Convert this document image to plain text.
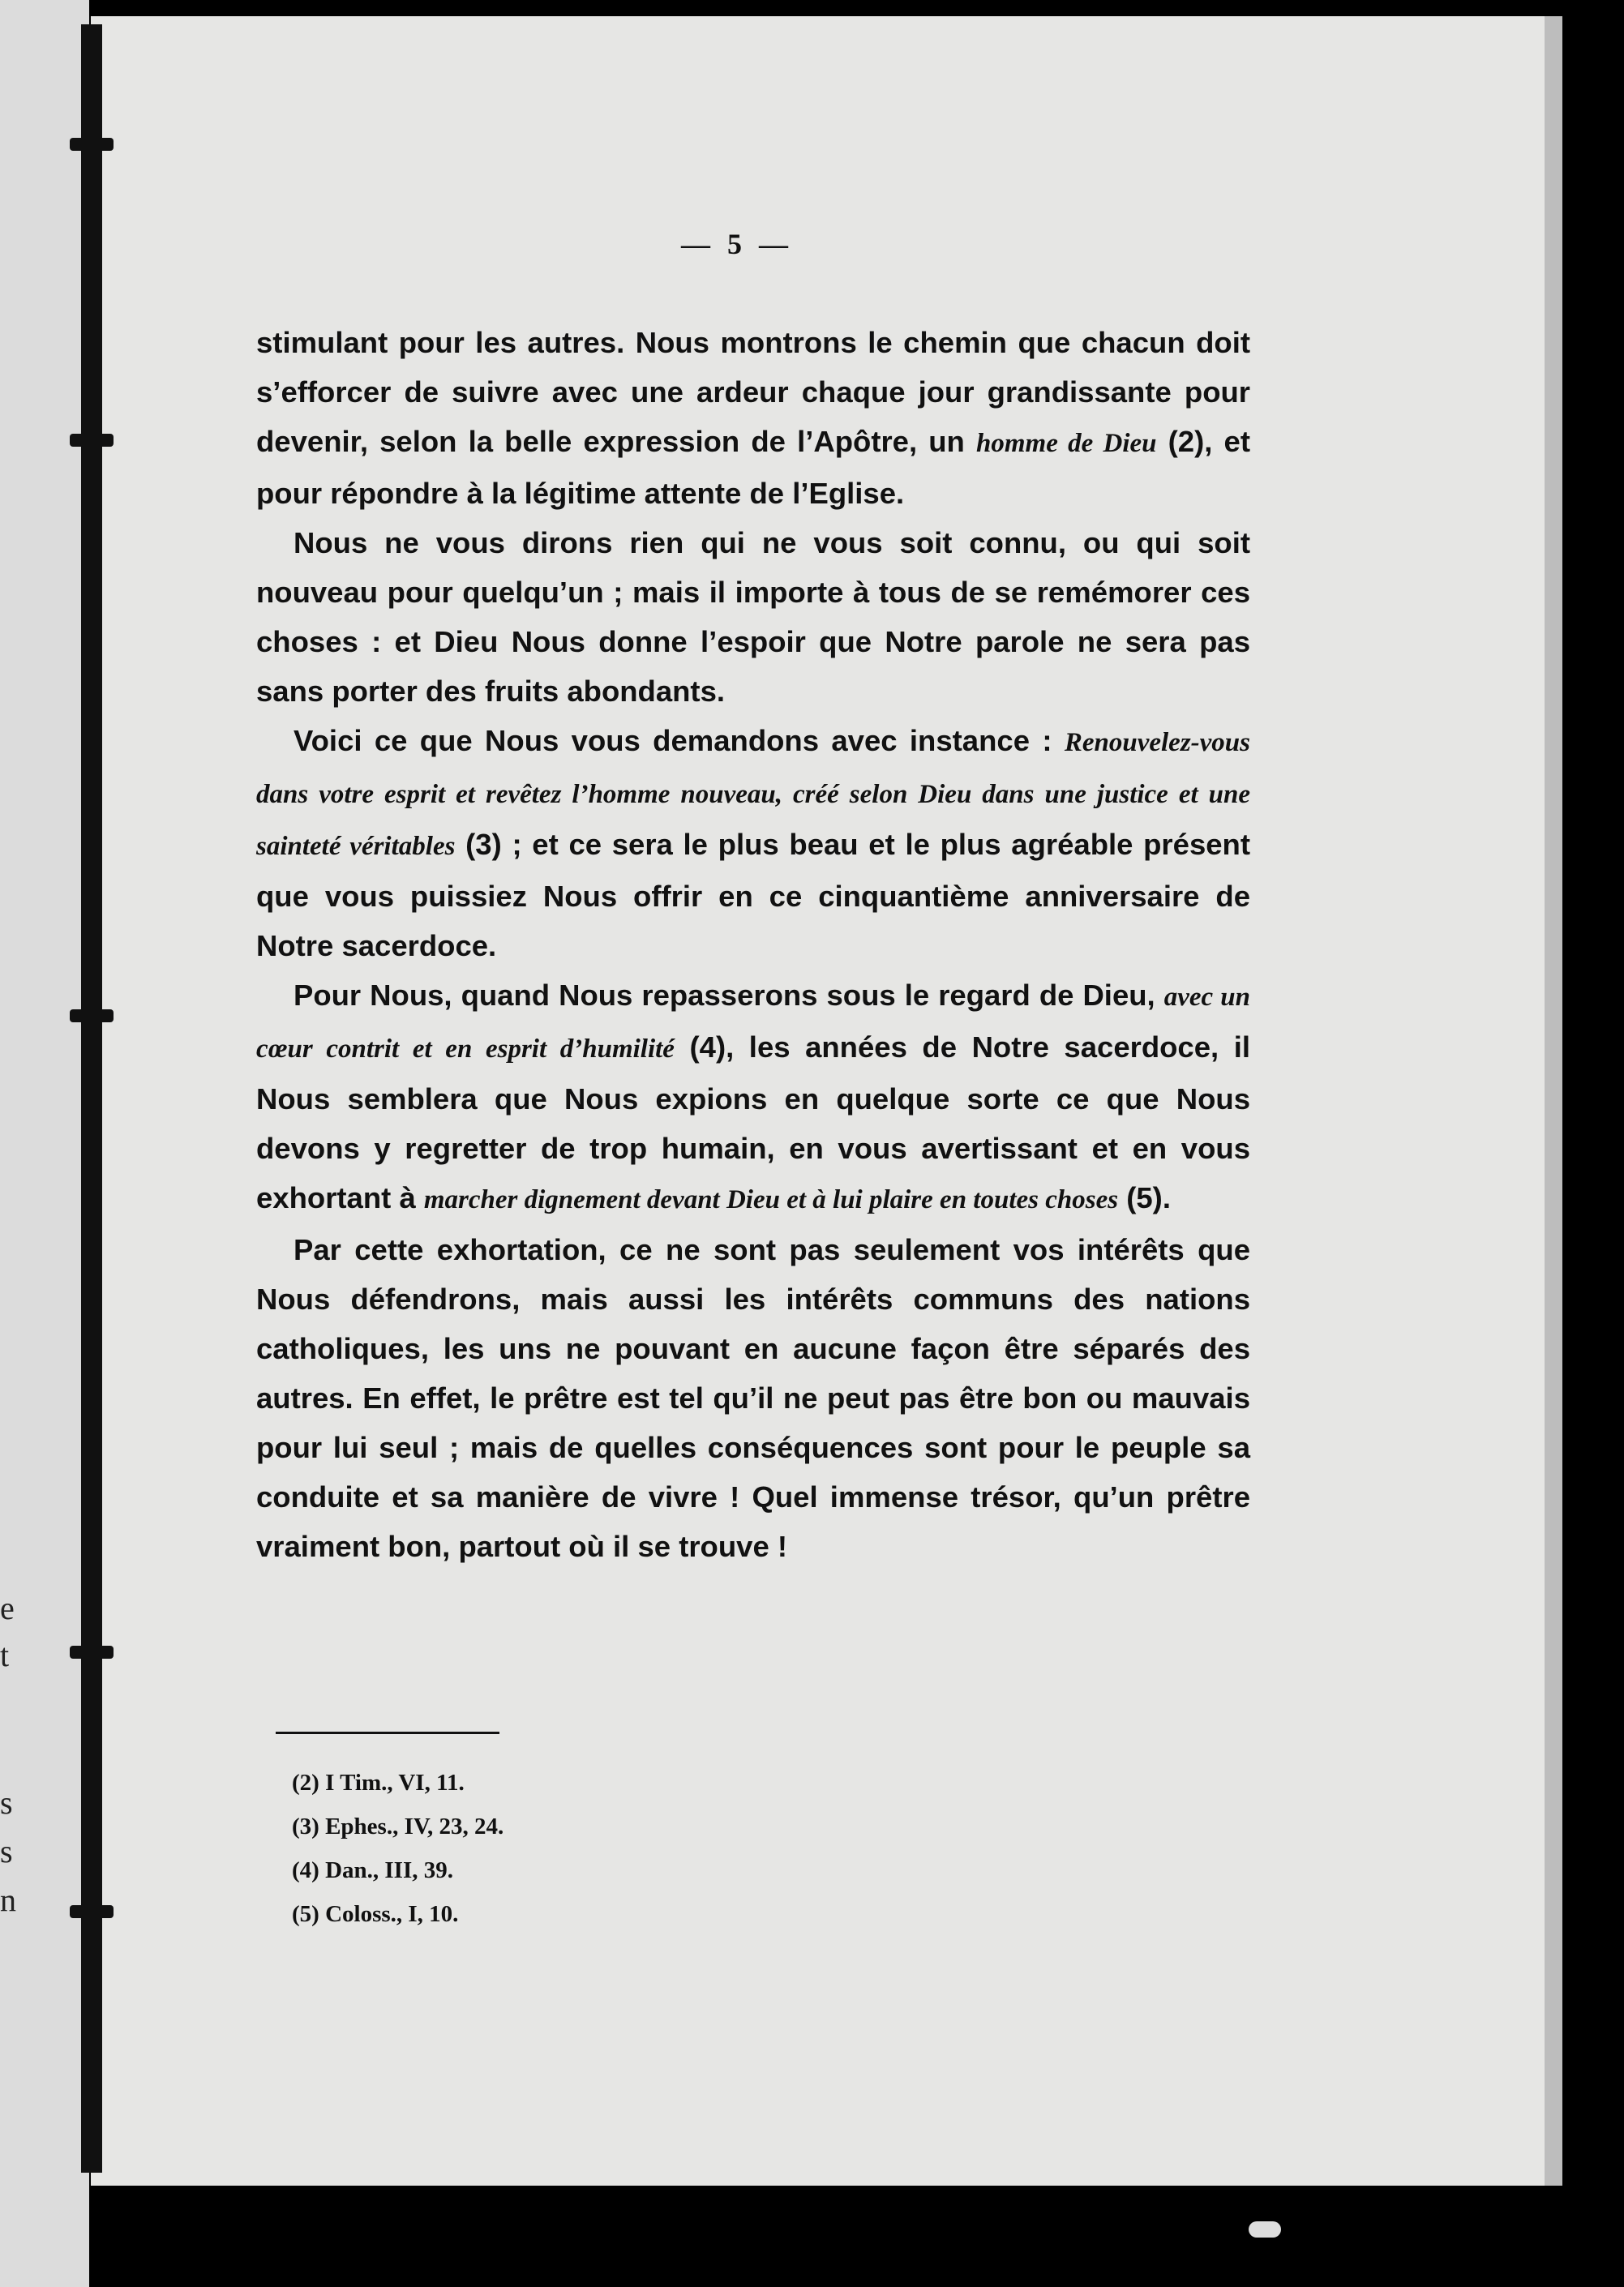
e
t
s
s
n
— 5 —

stimulant pour les autres. Nous montrons le chemin que chacun doit s’efforcer de suivre avec une ardeur chaque jour grandissante pour devenir, selon la belle expression de l’Apôtre, un homme de Dieu (2), et pour répondre à la légitime attente de l’Eglise.

Nous ne vous dirons rien qui ne vous soit connu, ou qui soit nouveau pour quelqu’un ; mais il importe à tous de se remémorer ces choses : et Dieu Nous donne l’espoir que Notre parole ne sera pas sans porter des fruits abondants.

Voici ce que Nous vous demandons avec instance : Renouvelez-vous dans votre esprit et revêtez l’homme nouveau, créé selon Dieu dans une justice et une sainteté véritables (3) ; et ce sera le plus beau et le plus agréable présent que vous puissiez Nous offrir en ce cinquantième anniversaire de Notre sacerdoce.

Pour Nous, quand Nous repasserons sous le regard de Dieu, avec un cœur contrit et en esprit d’humilité (4), les années de Notre sacerdoce, il Nous semblera que Nous expions en quelque sorte ce que Nous devons y regretter de trop humain, en vous avertissant et en vous exhortant à marcher dignement devant Dieu et à lui plaire en toutes choses (5).

Par cette exhortation, ce ne sont pas seulement vos intérêts que Nous défendrons, mais aussi les intérêts communs des nations catholiques, les uns ne pouvant en aucune façon être séparés des autres. En effet, le prêtre est tel qu’il ne peut pas être bon ou mauvais pour lui seul ; mais de quelles conséquences sont pour le peuple sa conduite et sa manière de vivre ! Quel immense trésor, qu’un prêtre vraiment bon, partout où il se trouve !

(2) I Tim., VI, 11.
(3) Ephes., IV, 23, 24.
(4) Dan., III, 39.
(5) Coloss., I, 10.
